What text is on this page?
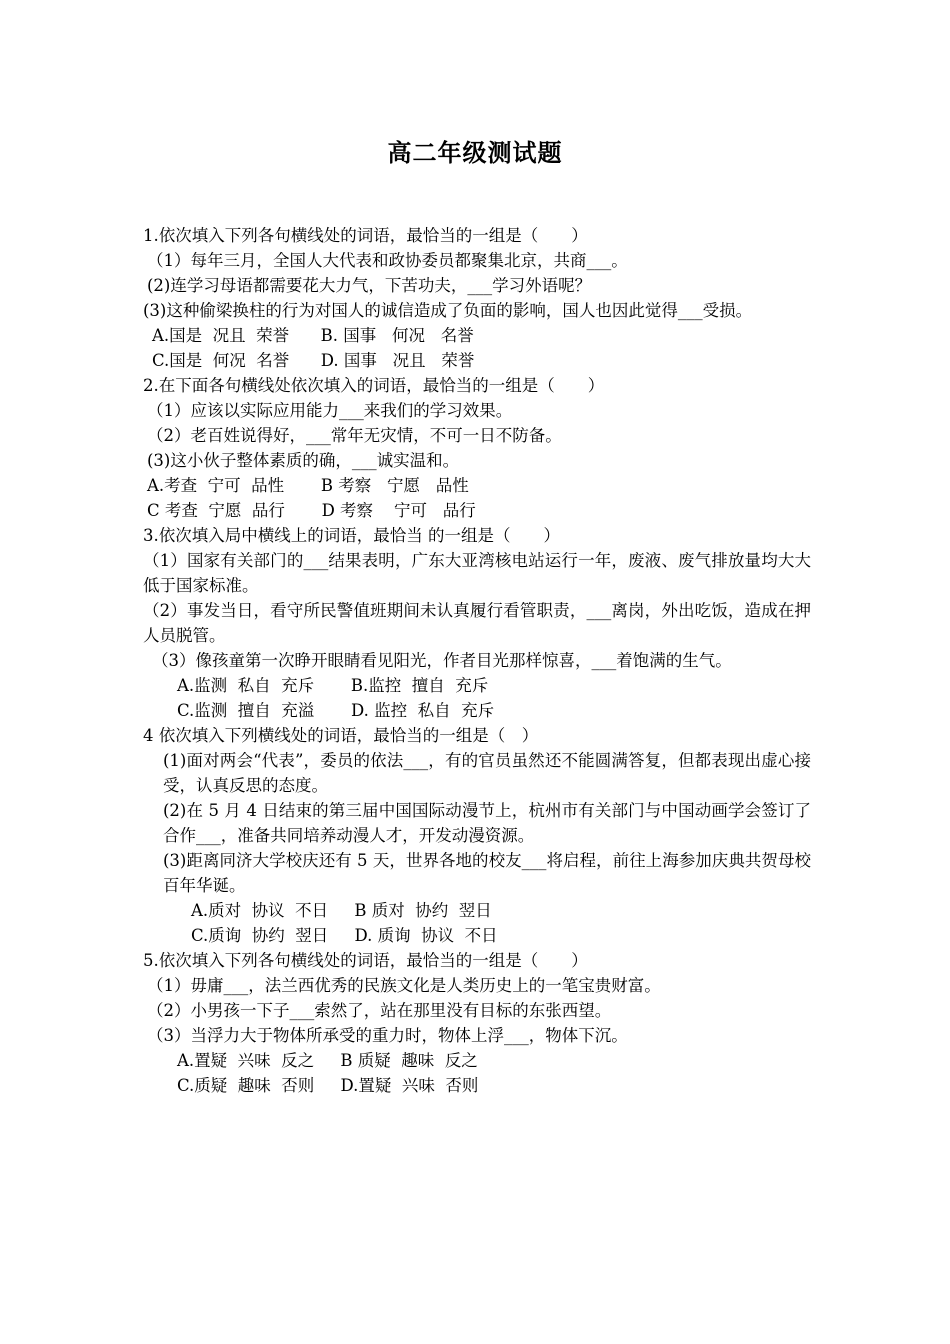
高二年级测试题
1.依次填入下列各句横线处的词语，最恰当的一组是（　　）
（1）每年三月，全国人大代表和政协委员都聚集北京，共商___。
(2)连学习母语都需要花大力气，下苦功夫，___学习外语呢？
(3)这种偷梁换柱的行为对国人的诚信造成了负面的影响，国人也因此觉得___受损。
A.国是  况且  荣誉      B. 国事   何况   名誉
C.国是  何况  名誉      D. 国事   况且   荣誉
2.在下面各句横线处依次填入的词语，最恰当的一组是（　　）
（1）应该以实际应用能力___来我们的学习效果。
（2）老百姓说得好，___常年无灾情，不可一日不防备。
(3)这小伙子整体素质的确，___诚实温和。
A.考查  宁可  品性       B 考察   宁愿   品性
C 考查  宁愿  品行       D 考察    宁可   品行
3.依次填入局中横线上的词语，最恰当 的一组是（　　）
（1）国家有关部门的___结果表明，广东大亚湾核电站运行一年，废液、废气排放量均大大低于国家标准。
（2）事发当日，看守所民警值班期间未认真履行看管职责，___离岗，外出吃饭，造成在押人员脱管。
（3）像孩童第一次睁开眼睛看见阳光，作者目光那样惊喜，___着饱满的生气。
A.监测  私自  充斥       B.监控  擅自  充斥
C.监测  擅自  充溢       D. 监控  私自  充斥
4 依次填入下列横线处的词语，最恰当的一组是（　）
(1)面对两会“代表”，委员的依法___，有的官员虽然还不能圆满答复，但都表现出虚心接受，认真反思的态度。
(2)在 5 月 4 日结束的第三届中国国际动漫节上，杭州市有关部门与中国动画学会签订了合作___，准备共同培养动漫人才，开发动漫资源。
(3)距离同济大学校庆还有 5 天，世界各地的校友___将启程，前往上海参加庆典共贺母校百年华诞。
A.质对  协议  不日     B 质对  协约  翌日
C.质询  协约  翌日     D. 质询  协议  不日
5.依次填入下列各句横线处的词语，最恰当的一组是（　　）
（1）毋庸___，法兰西优秀的民族文化是人类历史上的一笔宝贵财富。
（2）小男孩一下子___索然了，站在那里没有目标的东张西望。
（3）当浮力大于物体所承受的重力时，物体上浮___，物体下沉。
A.置疑  兴味  反之     B 质疑  趣味  反之
C.质疑  趣味  否则     D.置疑  兴味  否则
